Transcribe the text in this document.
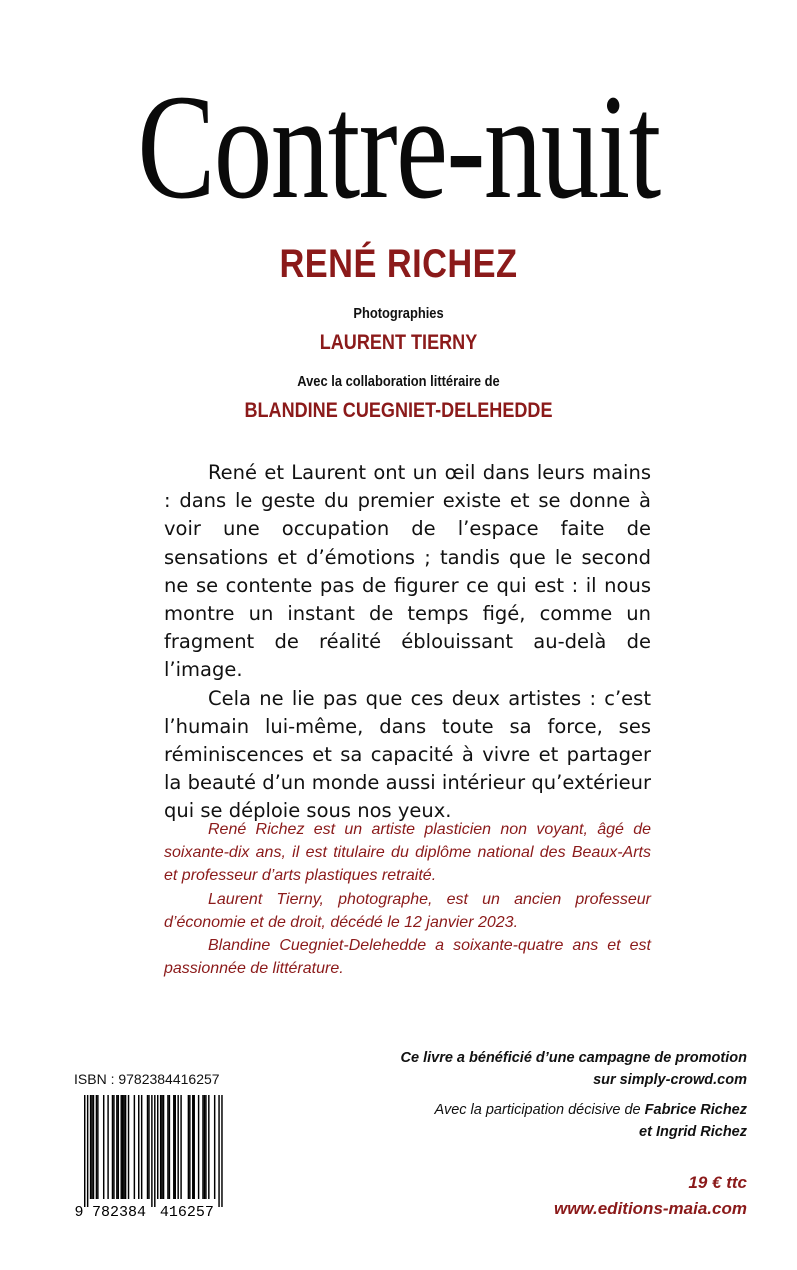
Contre-nuit
RENÉ RICHEZ
Photographies
LAURENT TIERNY
Avec la collaboration littéraire de
BLANDINE CUEGNIET-DELEHEDDE

René et Laurent ont un œil dans leurs mains : dans le geste du premier existe et se donne à voir une occupation de l’espace faite de sensations et d’émotions ; tandis que le second ne se contente pas de figurer ce qui est : il nous montre un instant de temps figé, comme un fragment de réalité éblouissant au-delà de l’image.

Cela ne lie pas que ces deux artistes : c’est l’humain lui-même, dans toute sa force, ses réminiscences et sa capacité à vivre et partager la beauté d’un monde aussi intérieur qu’extérieur qui se déploie sous nos yeux.

René Richez est un artiste plasticien non voyant, âgé de soixante-dix ans, il est titulaire du diplôme national des Beaux-Arts et professeur d’arts plastiques retraité.

Laurent Tierny, photographe, est un ancien professeur d’économie et de droit, décédé le 12 janvier 2023.

Blandine Cuegniet-Delehedde a soixante-quatre ans et est passionnée de littérature.

ISBN : 9782384416257
9 782384 416257
Ce livre a bénéficié d’une campagne de promotion
sur simply-crowd.com
Avec la participation décisive de Fabrice Richez
et Ingrid Richez
19 € ttc
www.editions-maia.com
